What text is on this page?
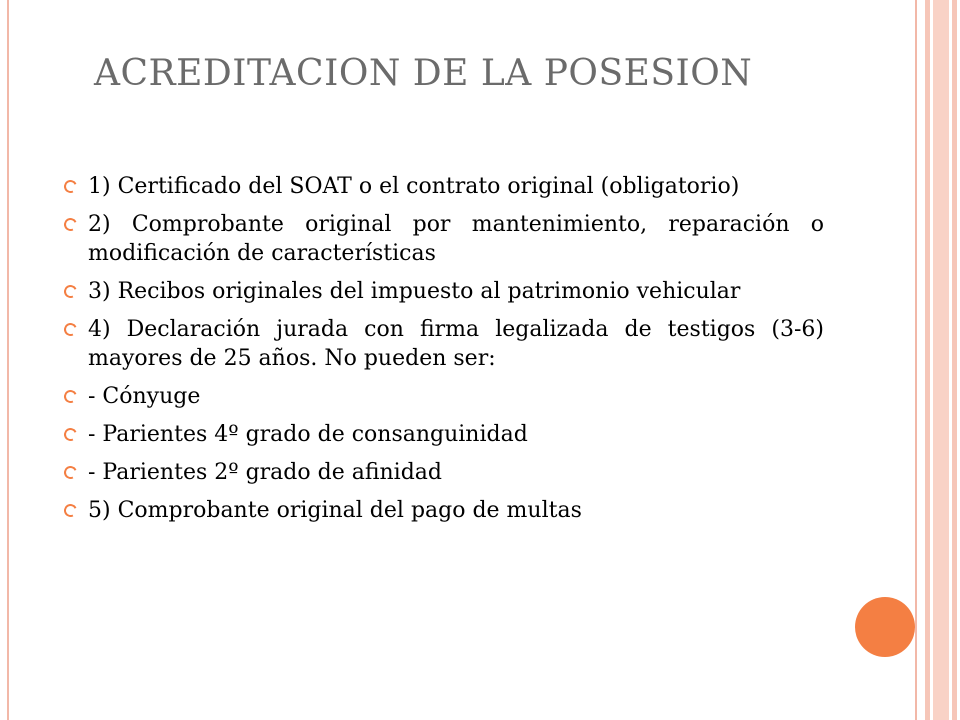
ACREDITACION DE LA POSESION
1) Certificado del SOAT o el contrato original (obligatorio)
2) Comprobante original por mantenimiento, reparación o modificación de características
3) Recibos originales del impuesto al patrimonio vehicular
4) Declaración jurada con firma legalizada de testigos (3-6) mayores de 25 años. No pueden ser:
- Cónyuge
- Parientes 4º grado de consanguinidad
- Parientes 2º grado de afinidad
5) Comprobante original del pago de multas
